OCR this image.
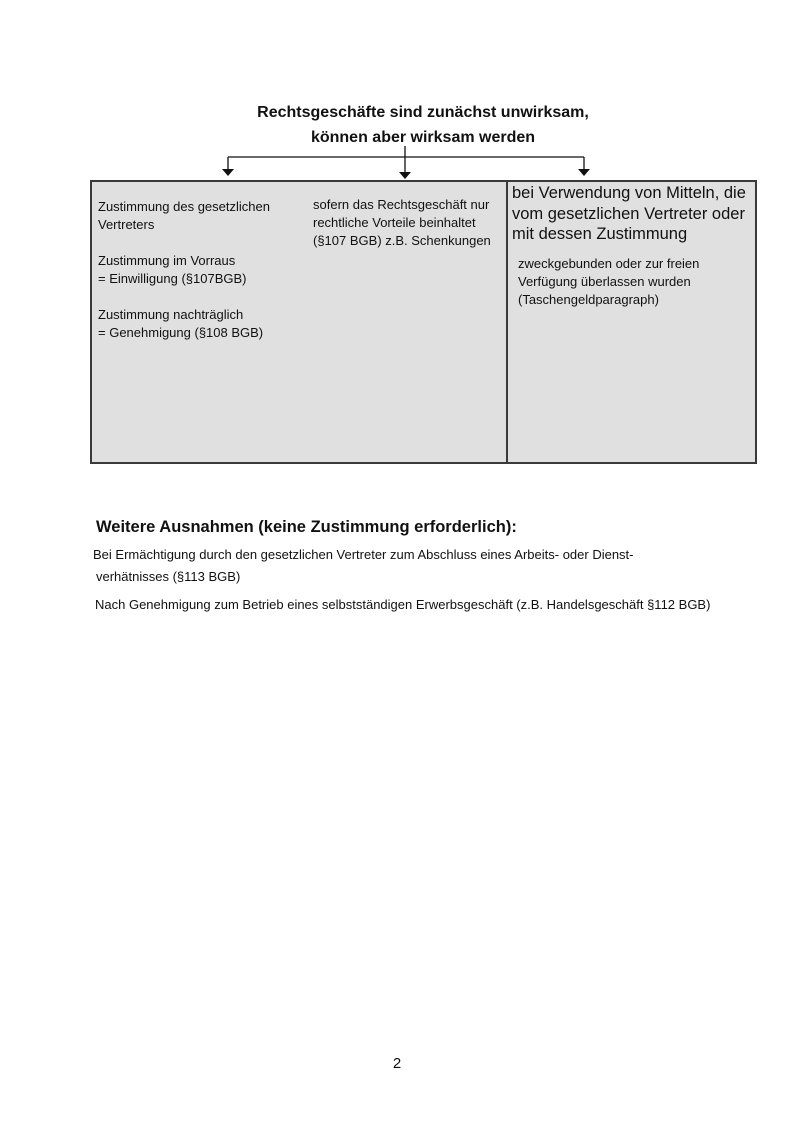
Rechtsgeschäfte sind zunächst unwirksam,
können aber wirksam werden

Zustimmung des gesetzlichen

Vertreters

Zustimmung im Vorraus

= Einwilligung (§107BGB)

Zustimmung nachträglich

= Genehmigung (§108 BGB)

sofern das Rechtsgeschäft nur

rechtliche Vorteile beinhaltet

(§107 BGB) z.B. Schenkungen

bei Verwendung von Mitteln, die

vom gesetzlichen Vertreter oder

mit dessen Zustimmung

zweckgebunden oder zur freien

Verfügung überlassen wurden

(Taschengeldparagraph)

Weitere Ausnahmen (keine Zustimmung erforderlich):
Bei Ermächtigung durch den gesetzlichen Vertreter zum Abschluss eines Arbeits- oder Dienst-
verhätnisses (§113 BGB)
Nach Genehmigung zum Betrieb eines selbstständigen Erwerbsgeschäft (z.B. Handelsgeschäft §112 BGB)
2
